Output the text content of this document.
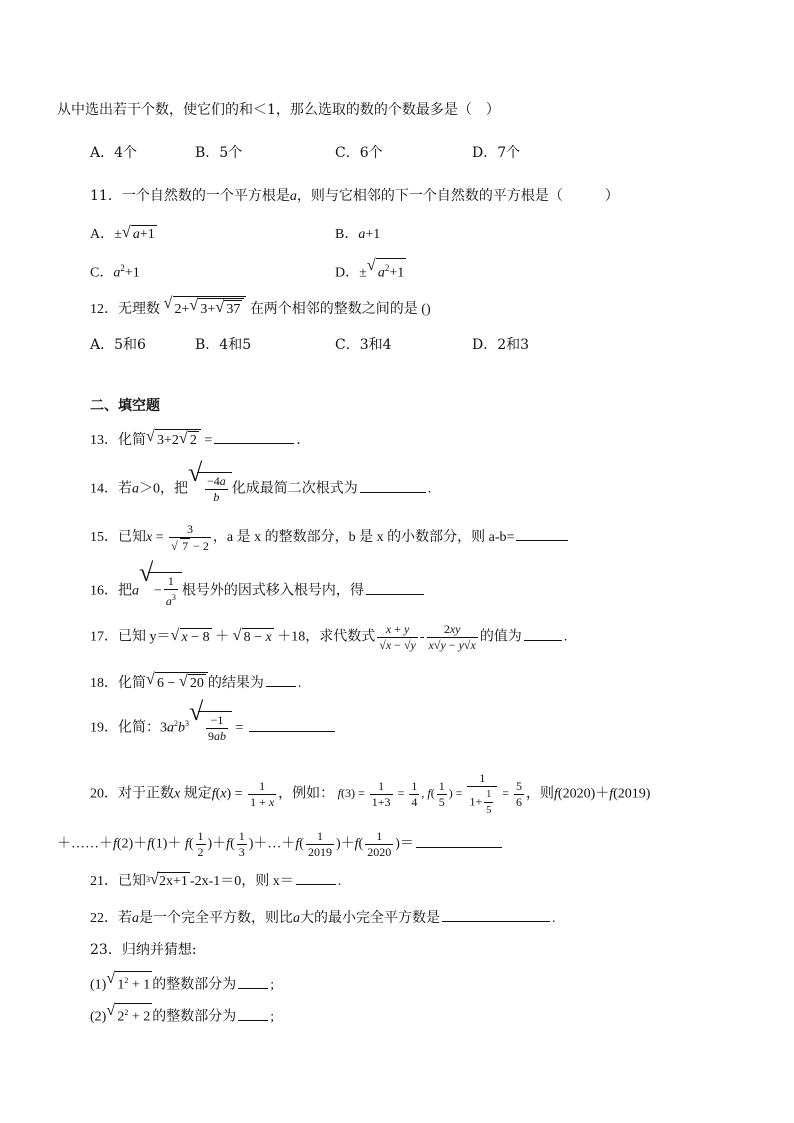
从中选出若干个数，使它们的和＜1，那么选取的数的个数最多是（　）
A．4个	B．5个	C．6个	D．7个
11．一个自然数的一个平方根是a，则与它相邻的下一个自然数的平方根是（　　　）
A．± √ a+1	B．a+1
C．$a^2+1$	D．± √ $a^2+1$
12．无理数 √ 2+ √ 3+ √ 37 在两个相邻的整数之间的是 ()
A．5和6	B．4和5	C．3和4	D．2和3
二、填空题
13．化简 √ 3+2 √ 2 =	．
14．若a＞0，把
√
$\frac{-4a}{b}$ 化成最简二次根式为	.
15．已知$x = \frac{3}{√ 7 - 2}$ ，a 是 x 的整数部分，b 是 x 的小数部分，则 a-b=
16．把a
√
− $\frac{1}{a^3}$ 根号外的因式移入根号内，得
17．已知 y＝ √ x − 8 ＋ √ 8 − x ＋18，求代数式 $\frac{x + y}{√x - √y} - \frac{2xy}{x√y - y√x}$ 的值为	.
18．化简 √ 6 − √ 20 的结果为 .
19．化简：$3a^2b^3$ √
$\frac{-1}{9ab}$ =
20．对于正数x 规定$f(x) = \frac{1}{1 + x}$ ，例如： $f(3) = \frac{1}{1+3} = \frac{1}{4}$ , $f( \frac{1}{5}$ ) = $\frac{1}{1+ \frac{1}{5}} = \frac{5}{6}$ ，则f(2020)＋f(2019)
＋……＋f(2)＋f(1)＋ $f( \frac{1}{2} )+f( \frac{1}{3}$ )＋…＋f( $\frac{1}{2019} )+f( \frac{1}{2020}$ )＝
21．已知$^3$ √ 2x+1 -2x-1＝0，则 x＝	.
22．若a是一个完全平方数，则比a大的最小完全平方数是	.
23．归纳并猜想:
(1) √ $1^2 + 1$ 的整数部分为 ;
(2) √ $2^2 + 2$ 的整数部分为 ;
